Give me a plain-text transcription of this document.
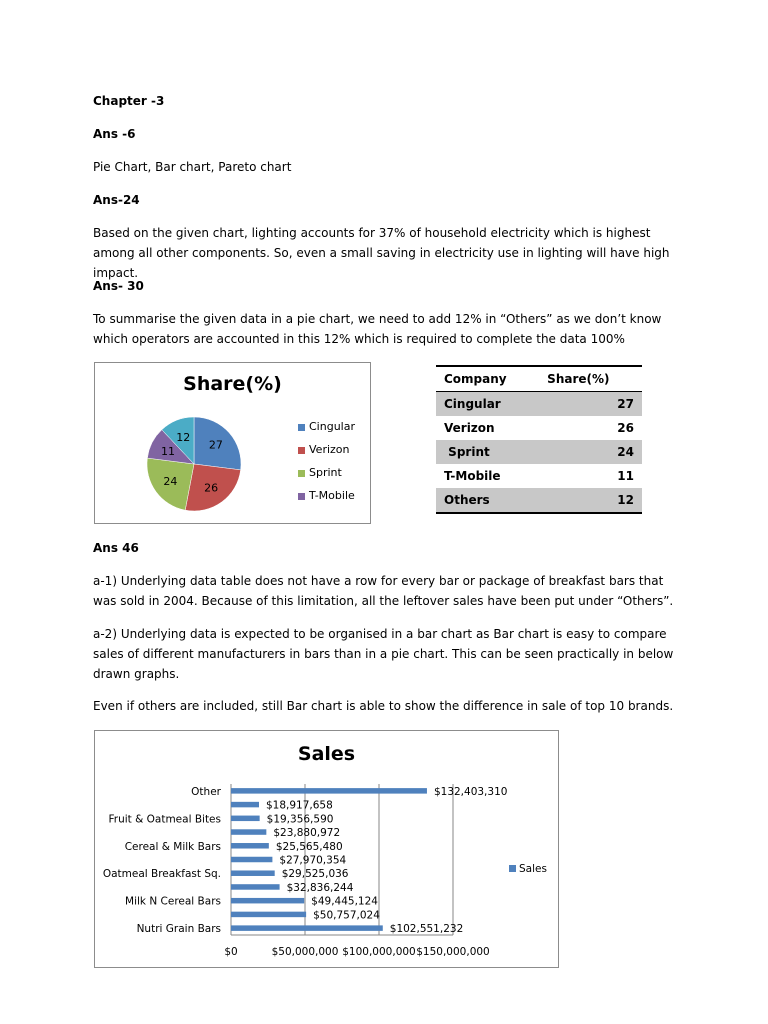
Chapter -3

Ans -6

Pie Chart, Bar chart, Pareto chart

Ans-24

Based on the given chart, lighting accounts for 37% of household electricity which is highest among all other components. So, even a small saving in electricity use in lighting will have high impact.

Ans- 30

To summarise the given data in a pie chart, we need to add 12% in “Others” as we don’t know which operators are accounted in this 12% which is required to complete the data 100%

Share(%)
27
26
24
11
12
Cingular
Verizon
Sprint
T-Mobile
Company	Share(%)
Cingular	27
Verizon	26
Sprint	24
T-Mobile	11
Others	12

Ans 46

a-1) Underlying data table does not have a row for every bar or package of breakfast bars that was sold in 2004. Because of this limitation, all the leftover sales have been put under “Others”.

a-2) Underlying data is expected to be organised in a bar chart as Bar chart is easy to compare sales of different manufacturers in bars than in a pie chart. This can be seen practically in below drawn graphs.

Even if others are included, still Bar chart is able to show the difference in sale of top 10 brands.

Sales
$0	$50,000,000 $100,000,000 $150,000,000
$102,551,232
Nutri Grain Bars
$50,757,024
$49,445,124
Milk N Cereal Bars
$32,836,244
$29,525,036
Oatmeal Breakfast Sq.
$27,970,354
$25,565,480
Cereal & Milk Bars
$23,880,972
$19,356,590
Fruit & Oatmeal Bites
$18,917,658
$132,403,310
Other
Sales
